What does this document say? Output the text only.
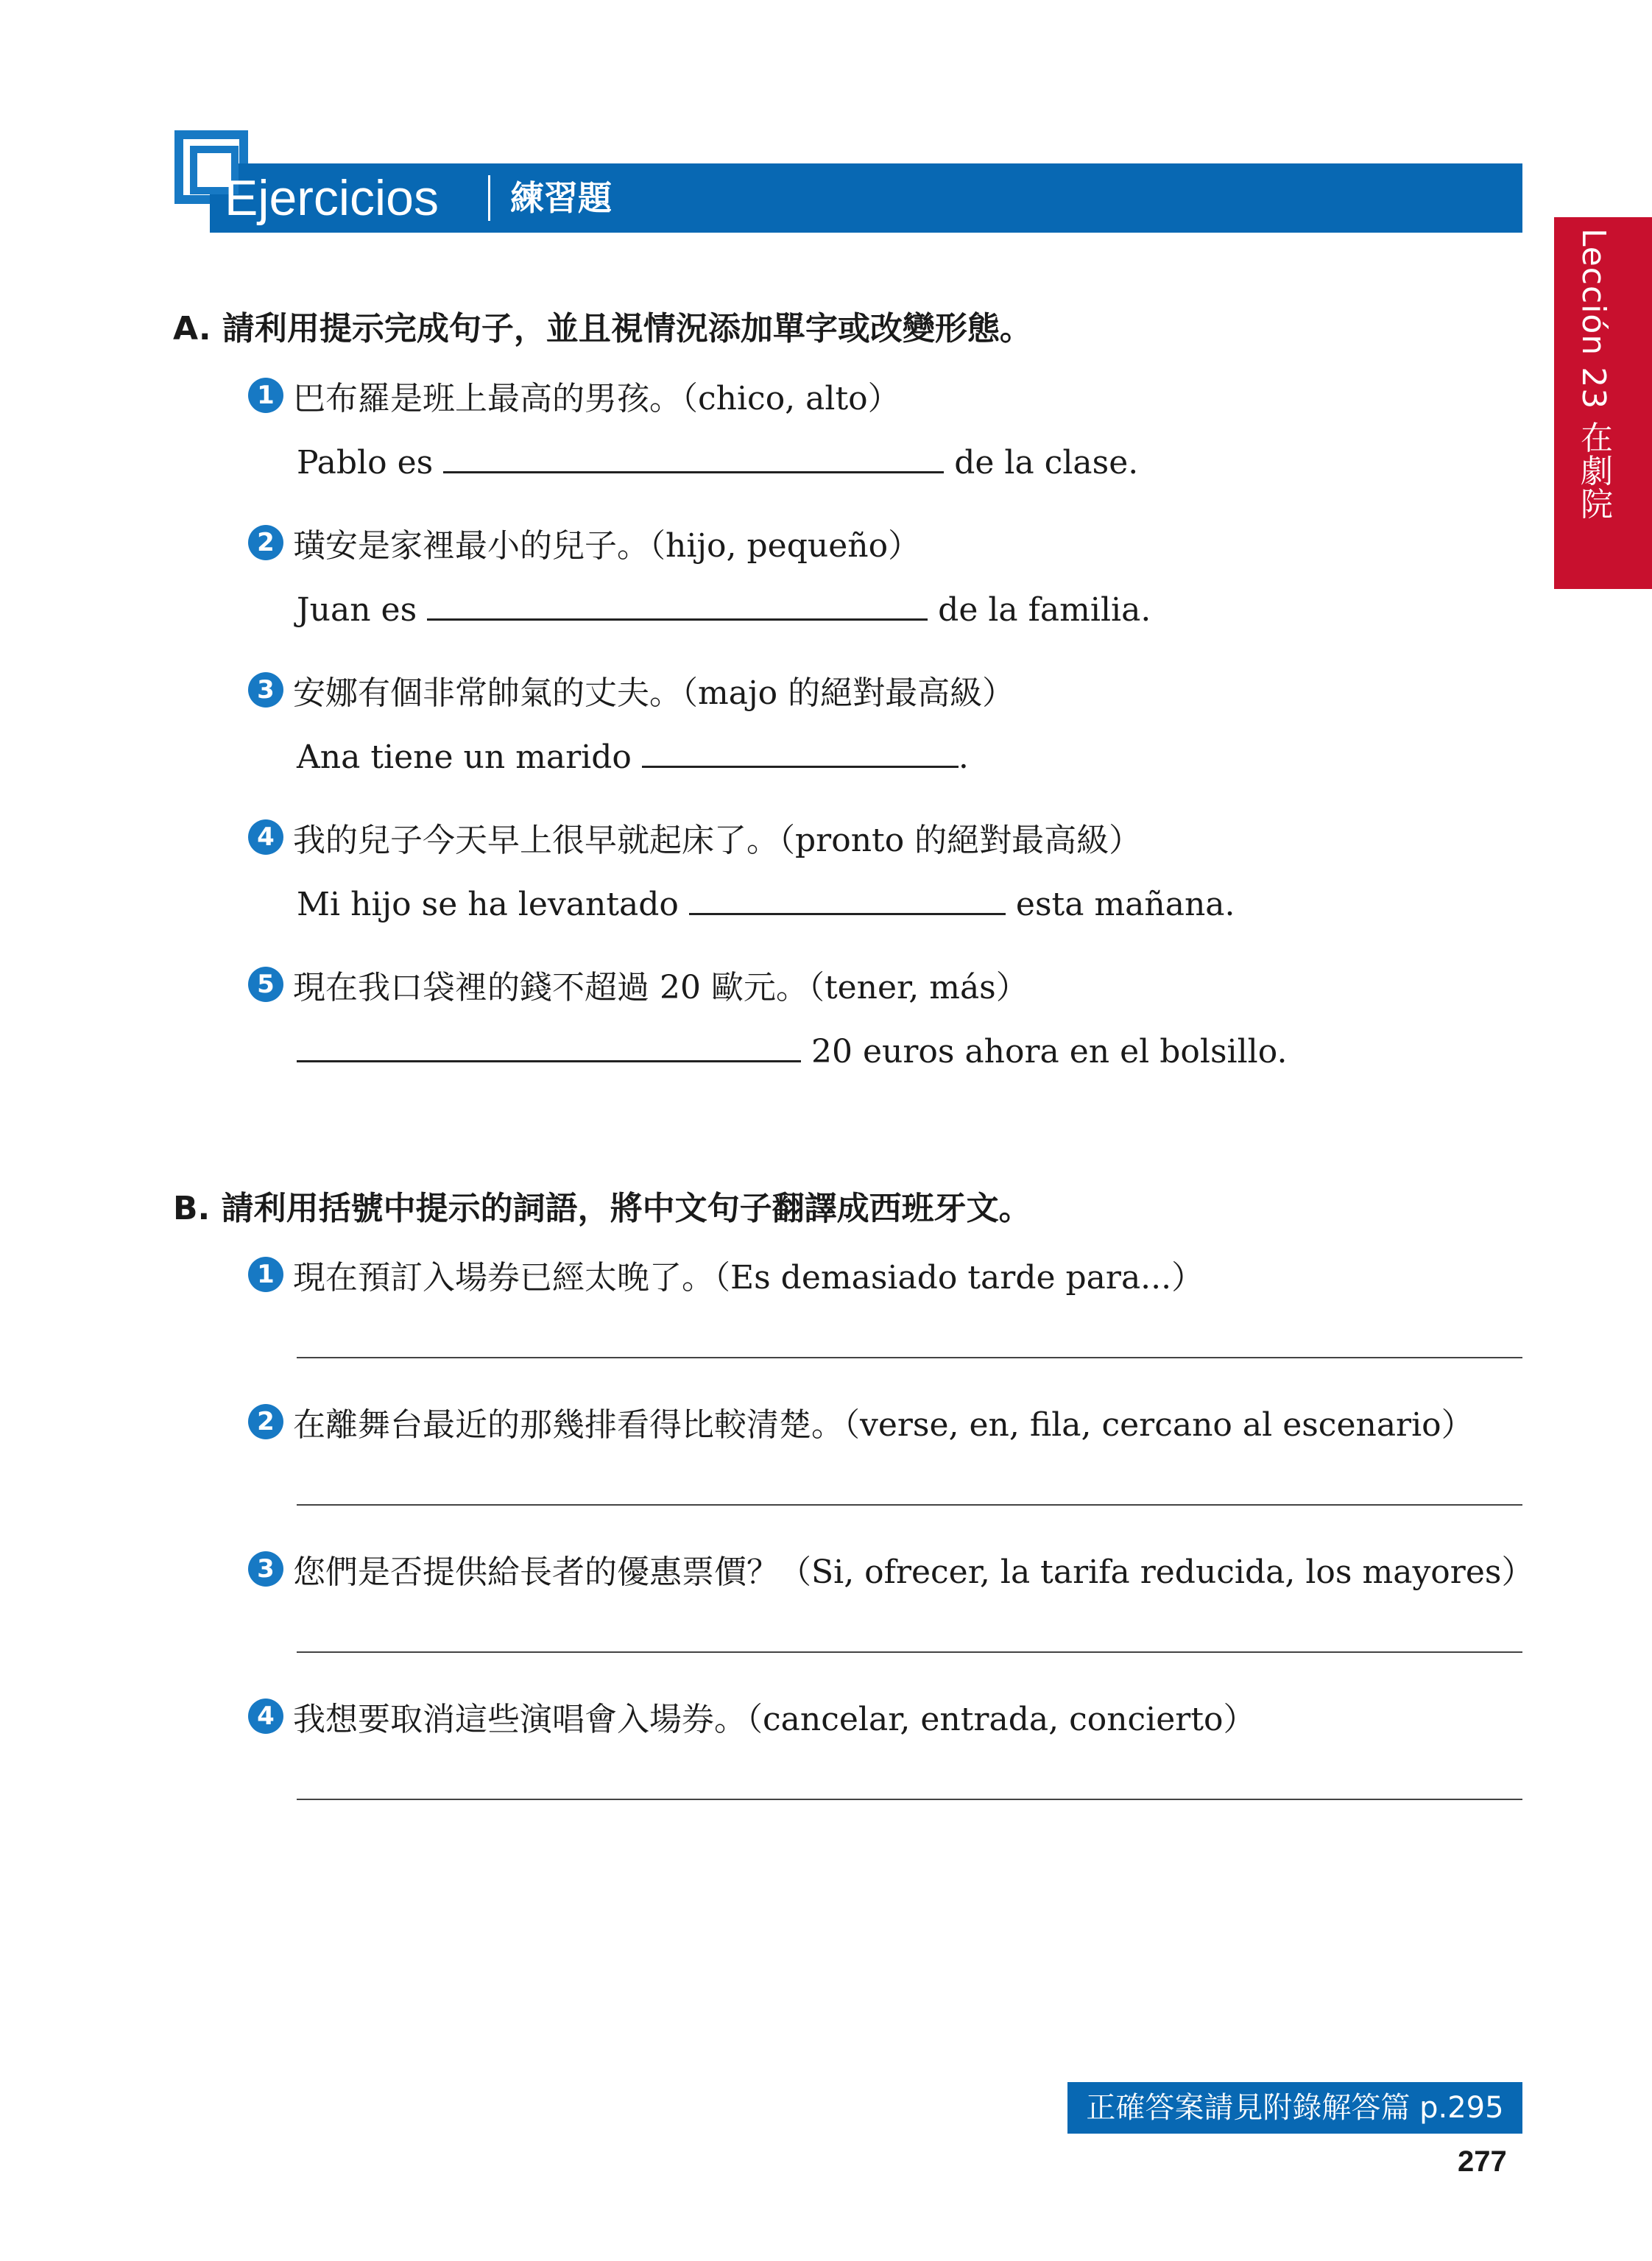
Ejercicios 練習題
Lección 23 在劇院
A. 請利用提示完成句子，並且視情況添加單字或改變形態。
1 巴布羅是班上最高的男孩。（chico, alto）
Pablo es	de la clase.
2 璜安是家裡最小的兒子。（hijo, pequeño）
Juan es	de la familia.
3 安娜有個非常帥氣的丈夫。（majo 的絕對最高級）
Ana tiene un marido	.
4 我的兒子今天早上很早就起床了。（pronto 的絕對最高級）
Mi hijo se ha levantado	esta mañana.
5 現在我口袋裡的錢不超過 20 歐元。（tener, más）
20 euros ahora en el bolsillo.
B. 請利用括號中提示的詞語，將中文句子翻譯成西班牙文。
1 現在預訂入場券已經太晚了。（Es demasiado tarde para...）
2 在離舞台最近的那幾排看得比較清楚。（verse, en, fila, cercano al escenario）
3 您們是否提供給長者的優惠票價？（Si, ofrecer, la tarifa reducida, los mayores）
4 我想要取消這些演唱會入場券。（cancelar, entrada, concierto）
正確答案請見附錄解答篇 p.295
277
